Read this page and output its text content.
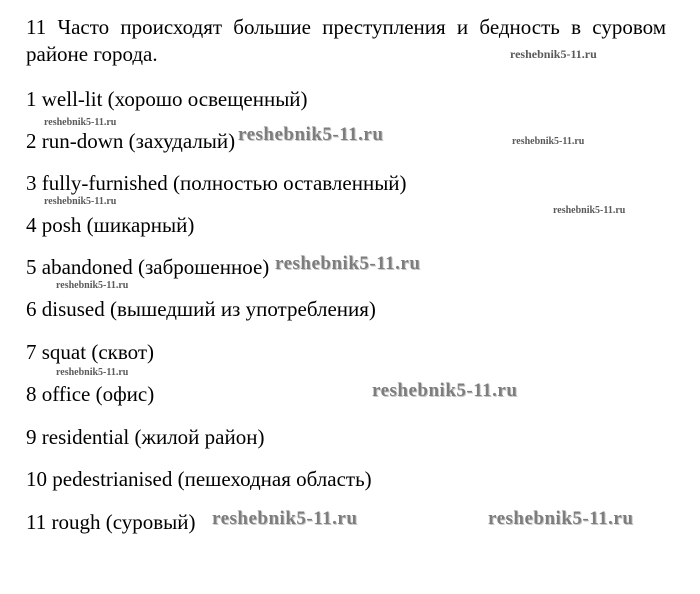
11 Часто происходят большие преступления и бедность в суровом районе города.	reshebnik5-11.ru
reshebnik5-11.ru
reshebnik5-11.ru	reshebnik5-11.ru
reshebnik5-11.ru
reshebnik5-11.ru
reshebnik5-11.ru
reshebnik5-11.ru
reshebnik5-11.ru
reshebnik5-11.ru
reshebnik5-11.ru	reshebnik5-11.ru
1 well-lit (хорошо освещенный)
2 run-down (захудалый)
3 fully-furnished (полностью оставленный)
4 posh (шикарный)
5 abandoned (заброшенное)
6 disused (вышедший из употребления)
7 squat (сквот)
8 office (офис)
9 residential (жилой район)
10 pedestrianised (пешеходная область)
11 rough (суровый)
